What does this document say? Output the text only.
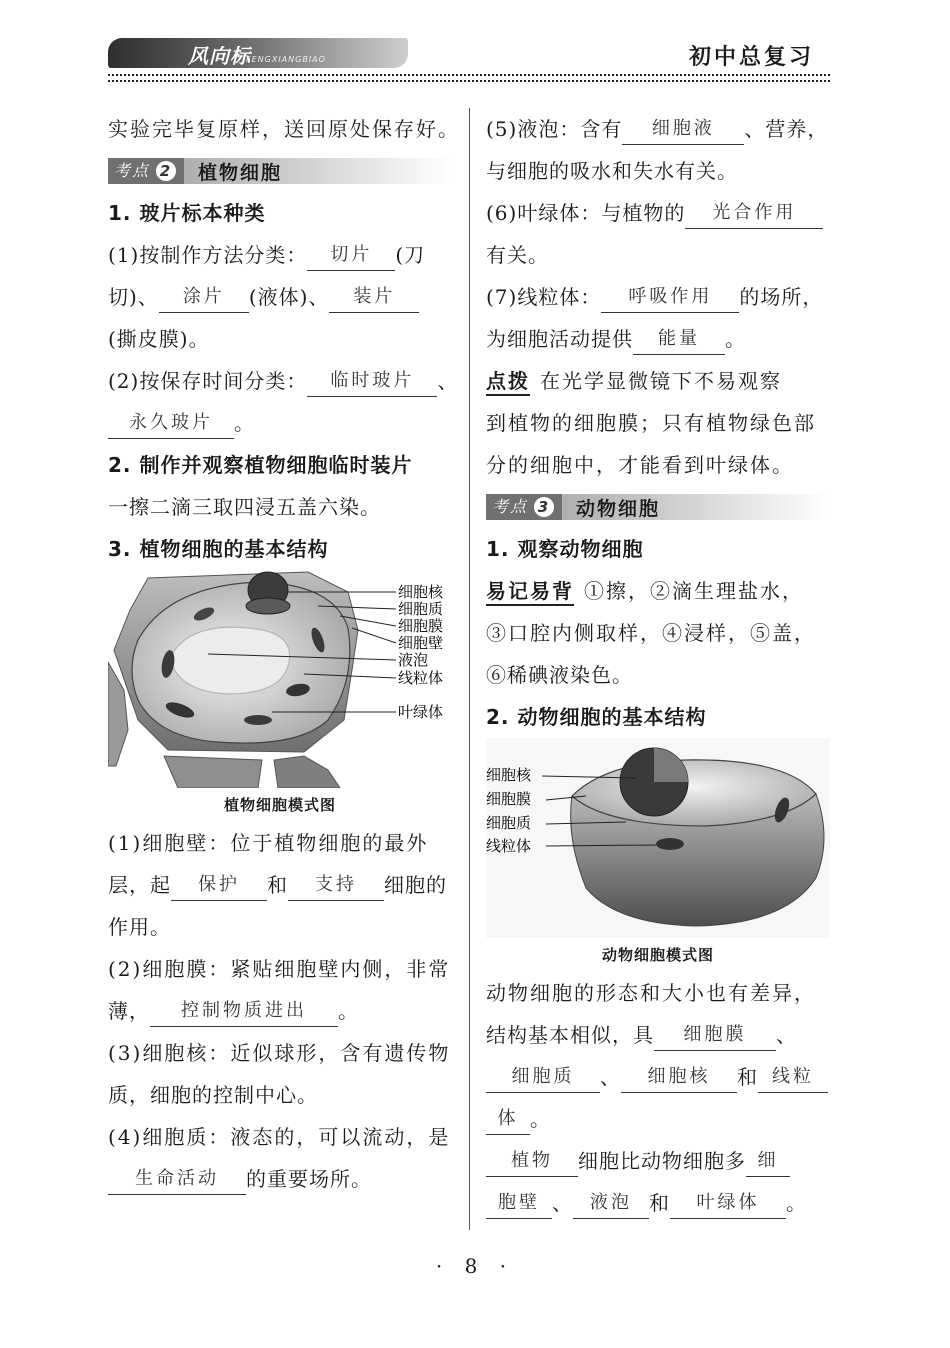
风向标
FENGXIANGBIAO	初中总复习

实验完毕复原样，送回原处保存好。

考点 2	植物细胞

1. 玻片标本种类

(1)按制作方法分类： 切片 (刀

切)、 涂片 (液体)、 装片

(撕皮膜)。

(2)按保存时间分类： 临时玻片 、

永久玻片 。

2. 制作并观察植物细胞临时装片

一擦二滴三取四浸五盖六染。

3. 植物细胞的基本结构

细胞核
细胞质
细胞膜
细胞壁
液泡
线粒体
叶绿体
植物细胞模式图

(1)细胞壁：位于植物细胞的最外

层，起 保护 和 支持 细胞的

作用。

(2)细胞膜：紧贴细胞壁内侧，非常

薄， 控制物质进出 。

(3)细胞核：近似球形，含有遗传物

质，细胞的控制中心。

(4)细胞质：液态的，可以流动，是

生命活动 的重要场所。

(5)液泡：含有 细胞液 、营养，

与细胞的吸水和失水有关。

(6)叶绿体：与植物的 光合作用

有关。

(7)线粒体： 呼吸作用 的场所，

为细胞活动提供 能量 。

点拨 在光学显微镜下不易观察

到植物的细胞膜；只有植物绿色部

分的细胞中，才能看到叶绿体。

考点 3	动物细胞

1. 观察动物细胞

易记易背 ①擦，②滴生理盐水，

③口腔内侧取样，④浸样，⑤盖，

⑥稀碘液染色。

2. 动物细胞的基本结构

细胞核
细胞膜
细胞质
线粒体
动物细胞模式图

动物细胞的形态和大小也有差异，

结构基本相似，具 细胞膜 、

细胞质 、 细胞核 和 线粒

体 。

植物 细胞比动物细胞多 细

胞壁 、 液泡 和 叶绿体 。

· 8 ·
